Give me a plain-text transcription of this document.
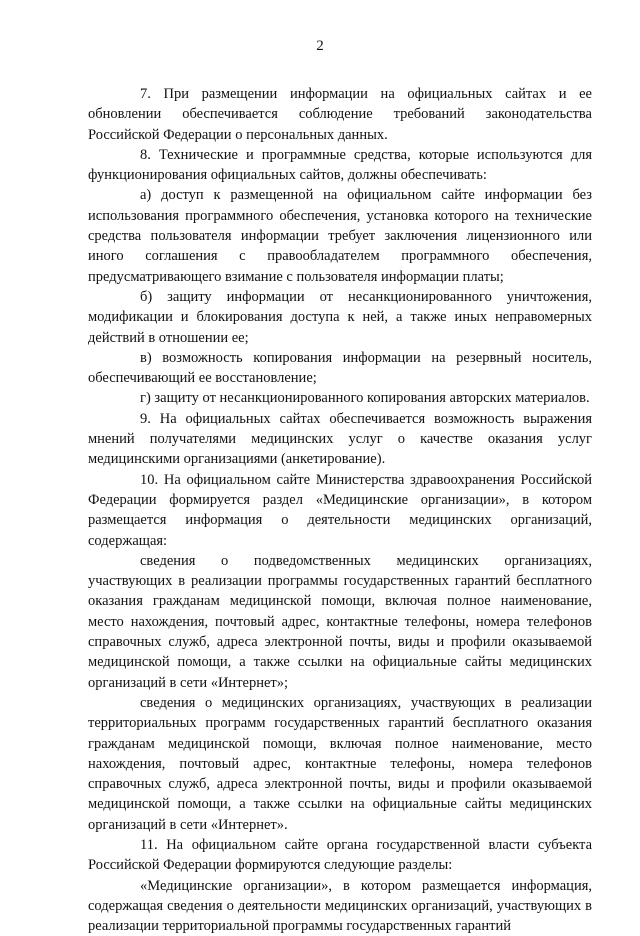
2

7. При размещении информации на официальных сайтах и ее обновлении обеспечивается соблюдение требований законодательства Российской Федерации о персональных данных.

8. Технические и программные средства, которые используются для функционирования официальных сайтов, должны обеспечивать:

а) доступ к размещенной на официальном сайте информации без использования программного обеспечения, установка которого на технические средства пользователя информации требует заключения лицензионного или иного соглашения с правообладателем программного обеспечения, предусматривающего взимание с пользователя информации платы;

б) защиту информации от несанкционированного уничтожения, модификации и блокирования доступа к ней, а также иных неправомерных действий в отношении ее;

в) возможность копирования информации на резервный носитель, обеспечивающий ее восстановление;

г) защиту от несанкционированного копирования авторских материалов.

9. На официальных сайтах обеспечивается возможность выражения мнений получателями медицинских услуг о качестве оказания услуг медицинскими организациями (анкетирование).

10. На официальном сайте Министерства здравоохранения Российской Федерации формируется раздел «Медицинские организации», в котором размещается информация о деятельности медицинских организаций, содержащая:

сведения о подведомственных медицинских организациях, участвующих в реализации программы государственных гарантий бесплатного оказания гражданам медицинской помощи, включая полное наименование, место нахождения, почтовый адрес, контактные телефоны, номера телефонов справочных служб, адреса электронной почты, виды и профили оказываемой медицинской помощи, а также ссылки на официальные сайты медицинских организаций в сети «Интернет»;

сведения о медицинских организациях, участвующих в реализации территориальных программ государственных гарантий бесплатного оказания гражданам медицинской помощи, включая полное наименование, место нахождения, почтовый адрес, контактные телефоны, номера телефонов справочных служб, адреса электронной почты, виды и профили оказываемой медицинской помощи, а также ссылки на официальные сайты медицинских организаций в сети «Интернет».

11. На официальном сайте органа государственной власти субъекта Российской Федерации формируются следующие разделы:

«Медицинские организации», в котором размещается информация, содержащая сведения о деятельности медицинских организаций, участвующих в реализации территориальной программы государственных гарантий
